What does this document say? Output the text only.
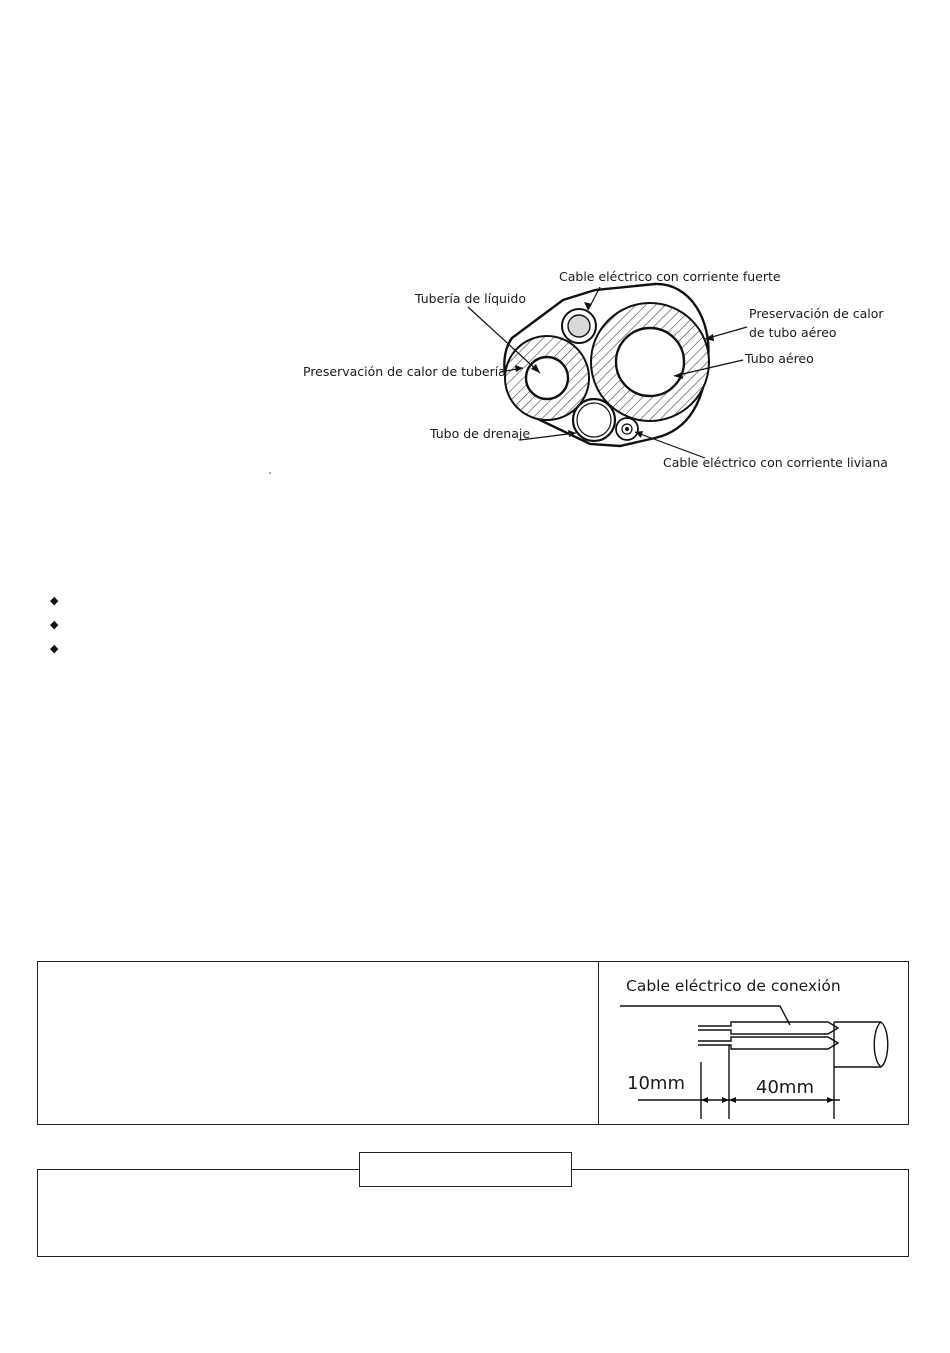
Cable eléctrico con corriente fuerte
Tubería de líquido
Preservación de calor
de tubo aéreo
Tubo aéreo
Preservación de calor de tubería
Tubo de drenaje
Cable eléctrico con corriente liviana
◆
◆
◆
Cable eléctrico de conexión
10mm	40mm
